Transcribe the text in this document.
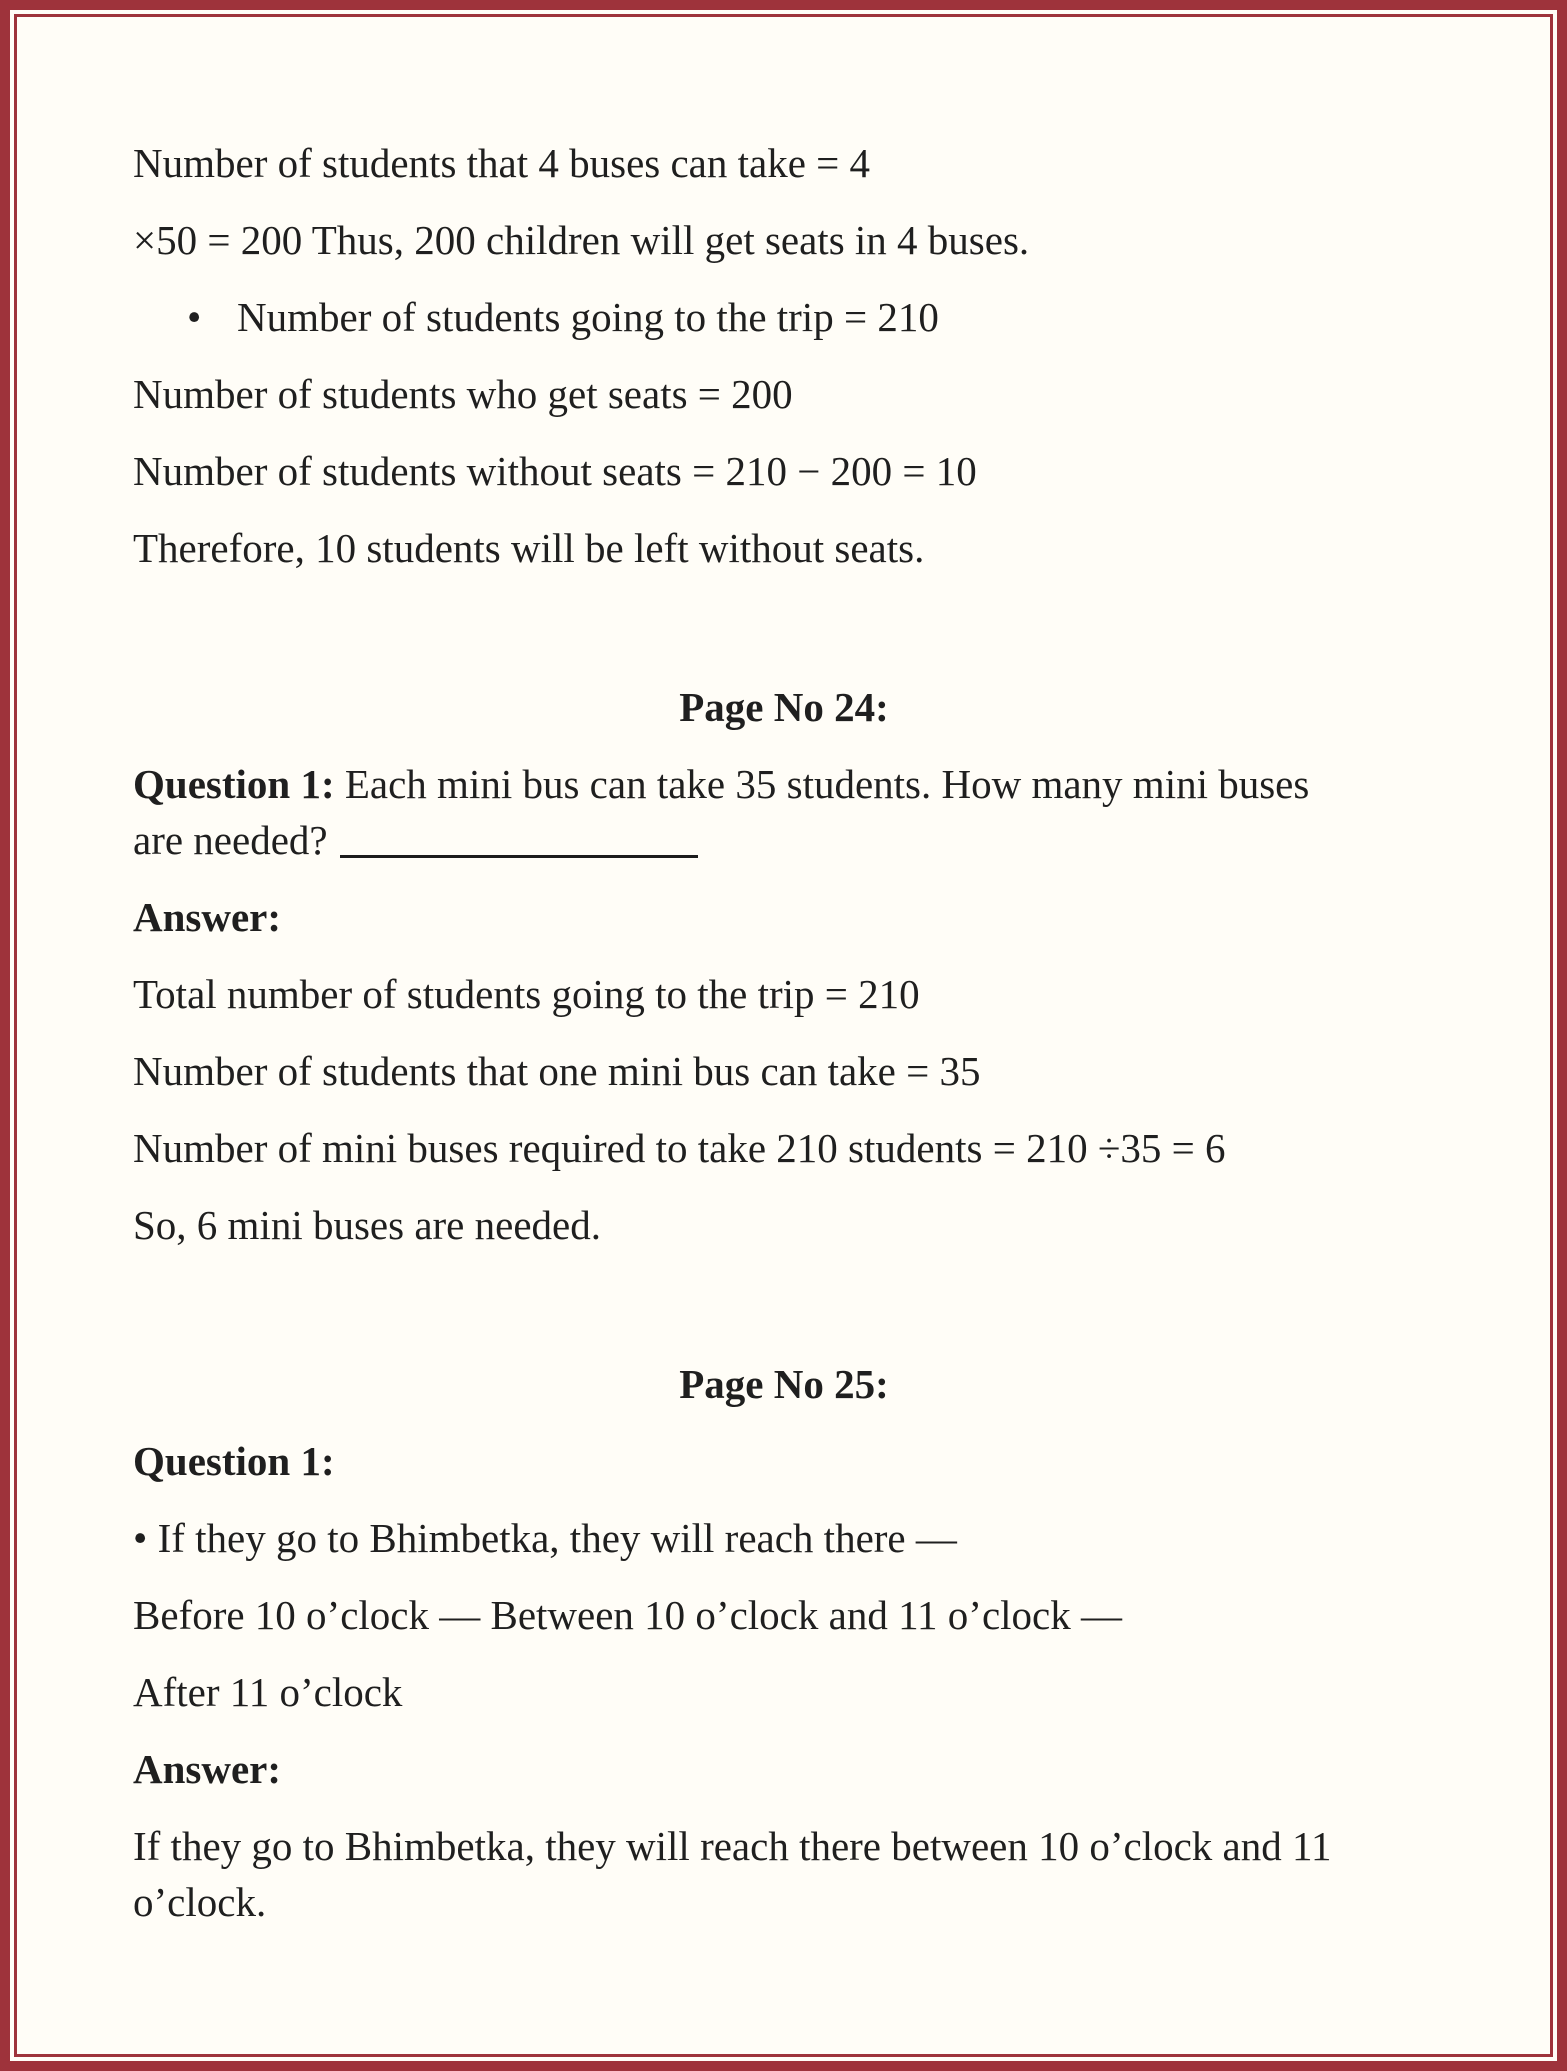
Number of students that 4 buses can take = 4

×50 = 200 Thus, 200 children will get seats in 4 buses.

• Number of students going to the trip = 210

Number of students who get seats = 200

Number of students without seats = 210 − 200 = 10

Therefore, 10 students will be left without seats.

Page No 24:

Question 1: Each mini bus can take 35 students. How many mini buses
are needed?

Answer:

Total number of students going to the trip = 210

Number of students that one mini bus can take = 35

Number of mini buses required to take 210 students = 210 ÷35 = 6

So, 6 mini buses are needed.

Page No 25:

Question 1:

• If they go to Bhimbetka, they will reach there —

Before 10 o’clock — Between 10 o’clock and 11 o’clock —

After 11 o’clock

Answer:

If they go to Bhimbetka, they will reach there between 10 o’clock and 11
o’clock.
